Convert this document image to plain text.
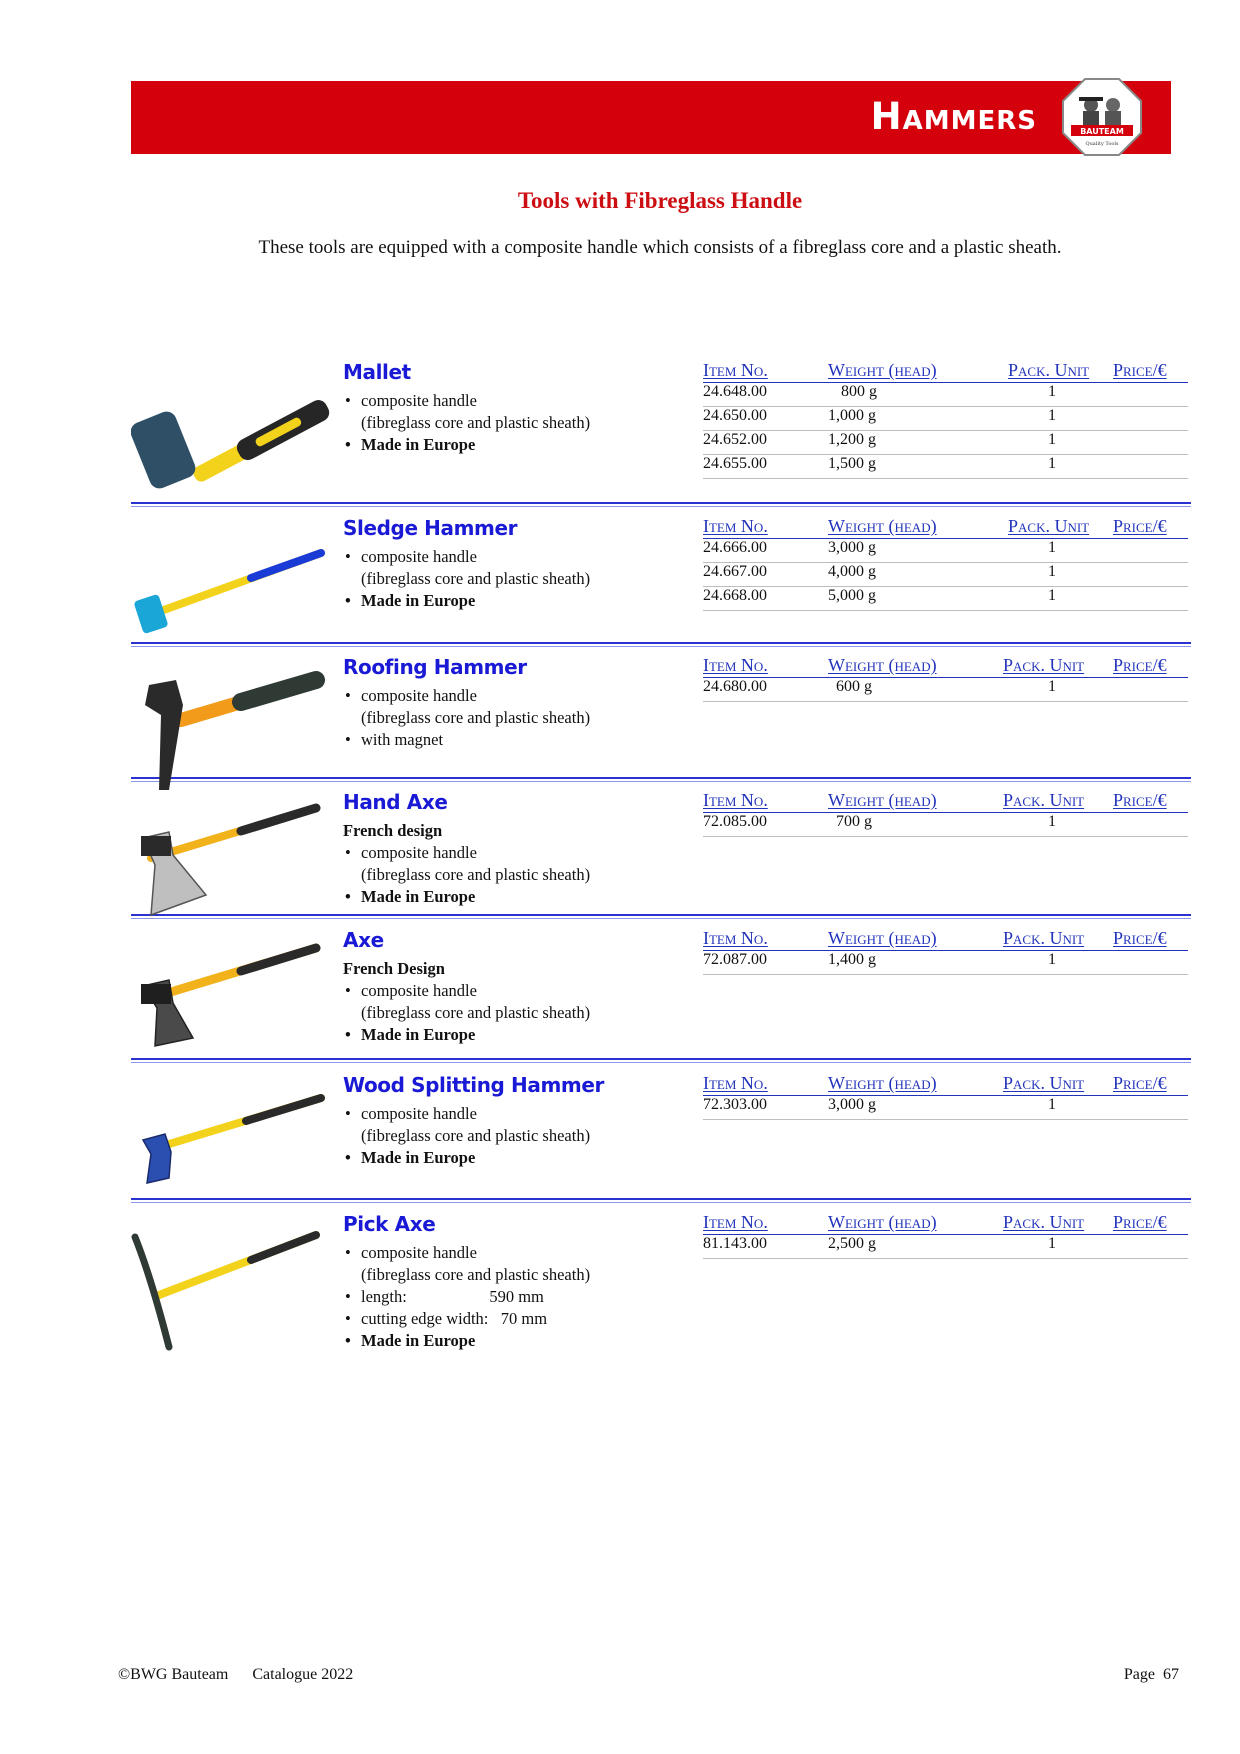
Hammers	BAUTEAM
Quality Tools
Tools with Fibreglass Handle
These tools are equipped with a composite handle which consists of a fibreglass core and a plastic sheath.
Mallet
• composite handle
(fibreglass core and plastic sheath)
• Made in Europe
Item No.	Weight (head)	Pack. Unit Price/€
24.648.00	800 g	1
24.650.00	1,000 g	1
24.652.00	1,200 g	1
24.655.00	1,500 g	1
Sledge Hammer
• composite handle
(fibreglass core and plastic sheath)
• Made in Europe
Item No.	Weight (head)	Pack. Unit Price/€
24.666.00	3,000 g	1
24.667.00	4,000 g	1
24.668.00	5,000 g	1
Roofing Hammer
• composite handle
(fibreglass core and plastic sheath)
• with magnet
Item No.	Weight (head)	Pack. Unit Price/€
24.680.00	600 g	1
Hand Axe
French design
• composite handle
(fibreglass core and plastic sheath)
• Made in Europe
Item No.	Weight (head)	Pack. Unit Price/€
72.085.00	700 g	1
Axe
French Design
• composite handle
(fibreglass core and plastic sheath)
• Made in Europe
Item No.	Weight (head)	Pack. Unit Price/€
72.087.00	1,400 g	1
Wood Splitting Hammer
• composite handle
(fibreglass core and plastic sheath)
• Made in Europe
Item No.	Weight (head)	Pack. Unit Price/€
72.303.00	3,000 g	1
Pick Axe
• composite handle
(fibreglass core and plastic sheath)
• length:                    590 mm
• cutting edge width:   70 mm
• Made in Europe
Item No.	Weight (head)	Pack. Unit Price/€
81.143.00	2,500 g	1
©BWG Bauteam      Catalogue 2022	Page  67
